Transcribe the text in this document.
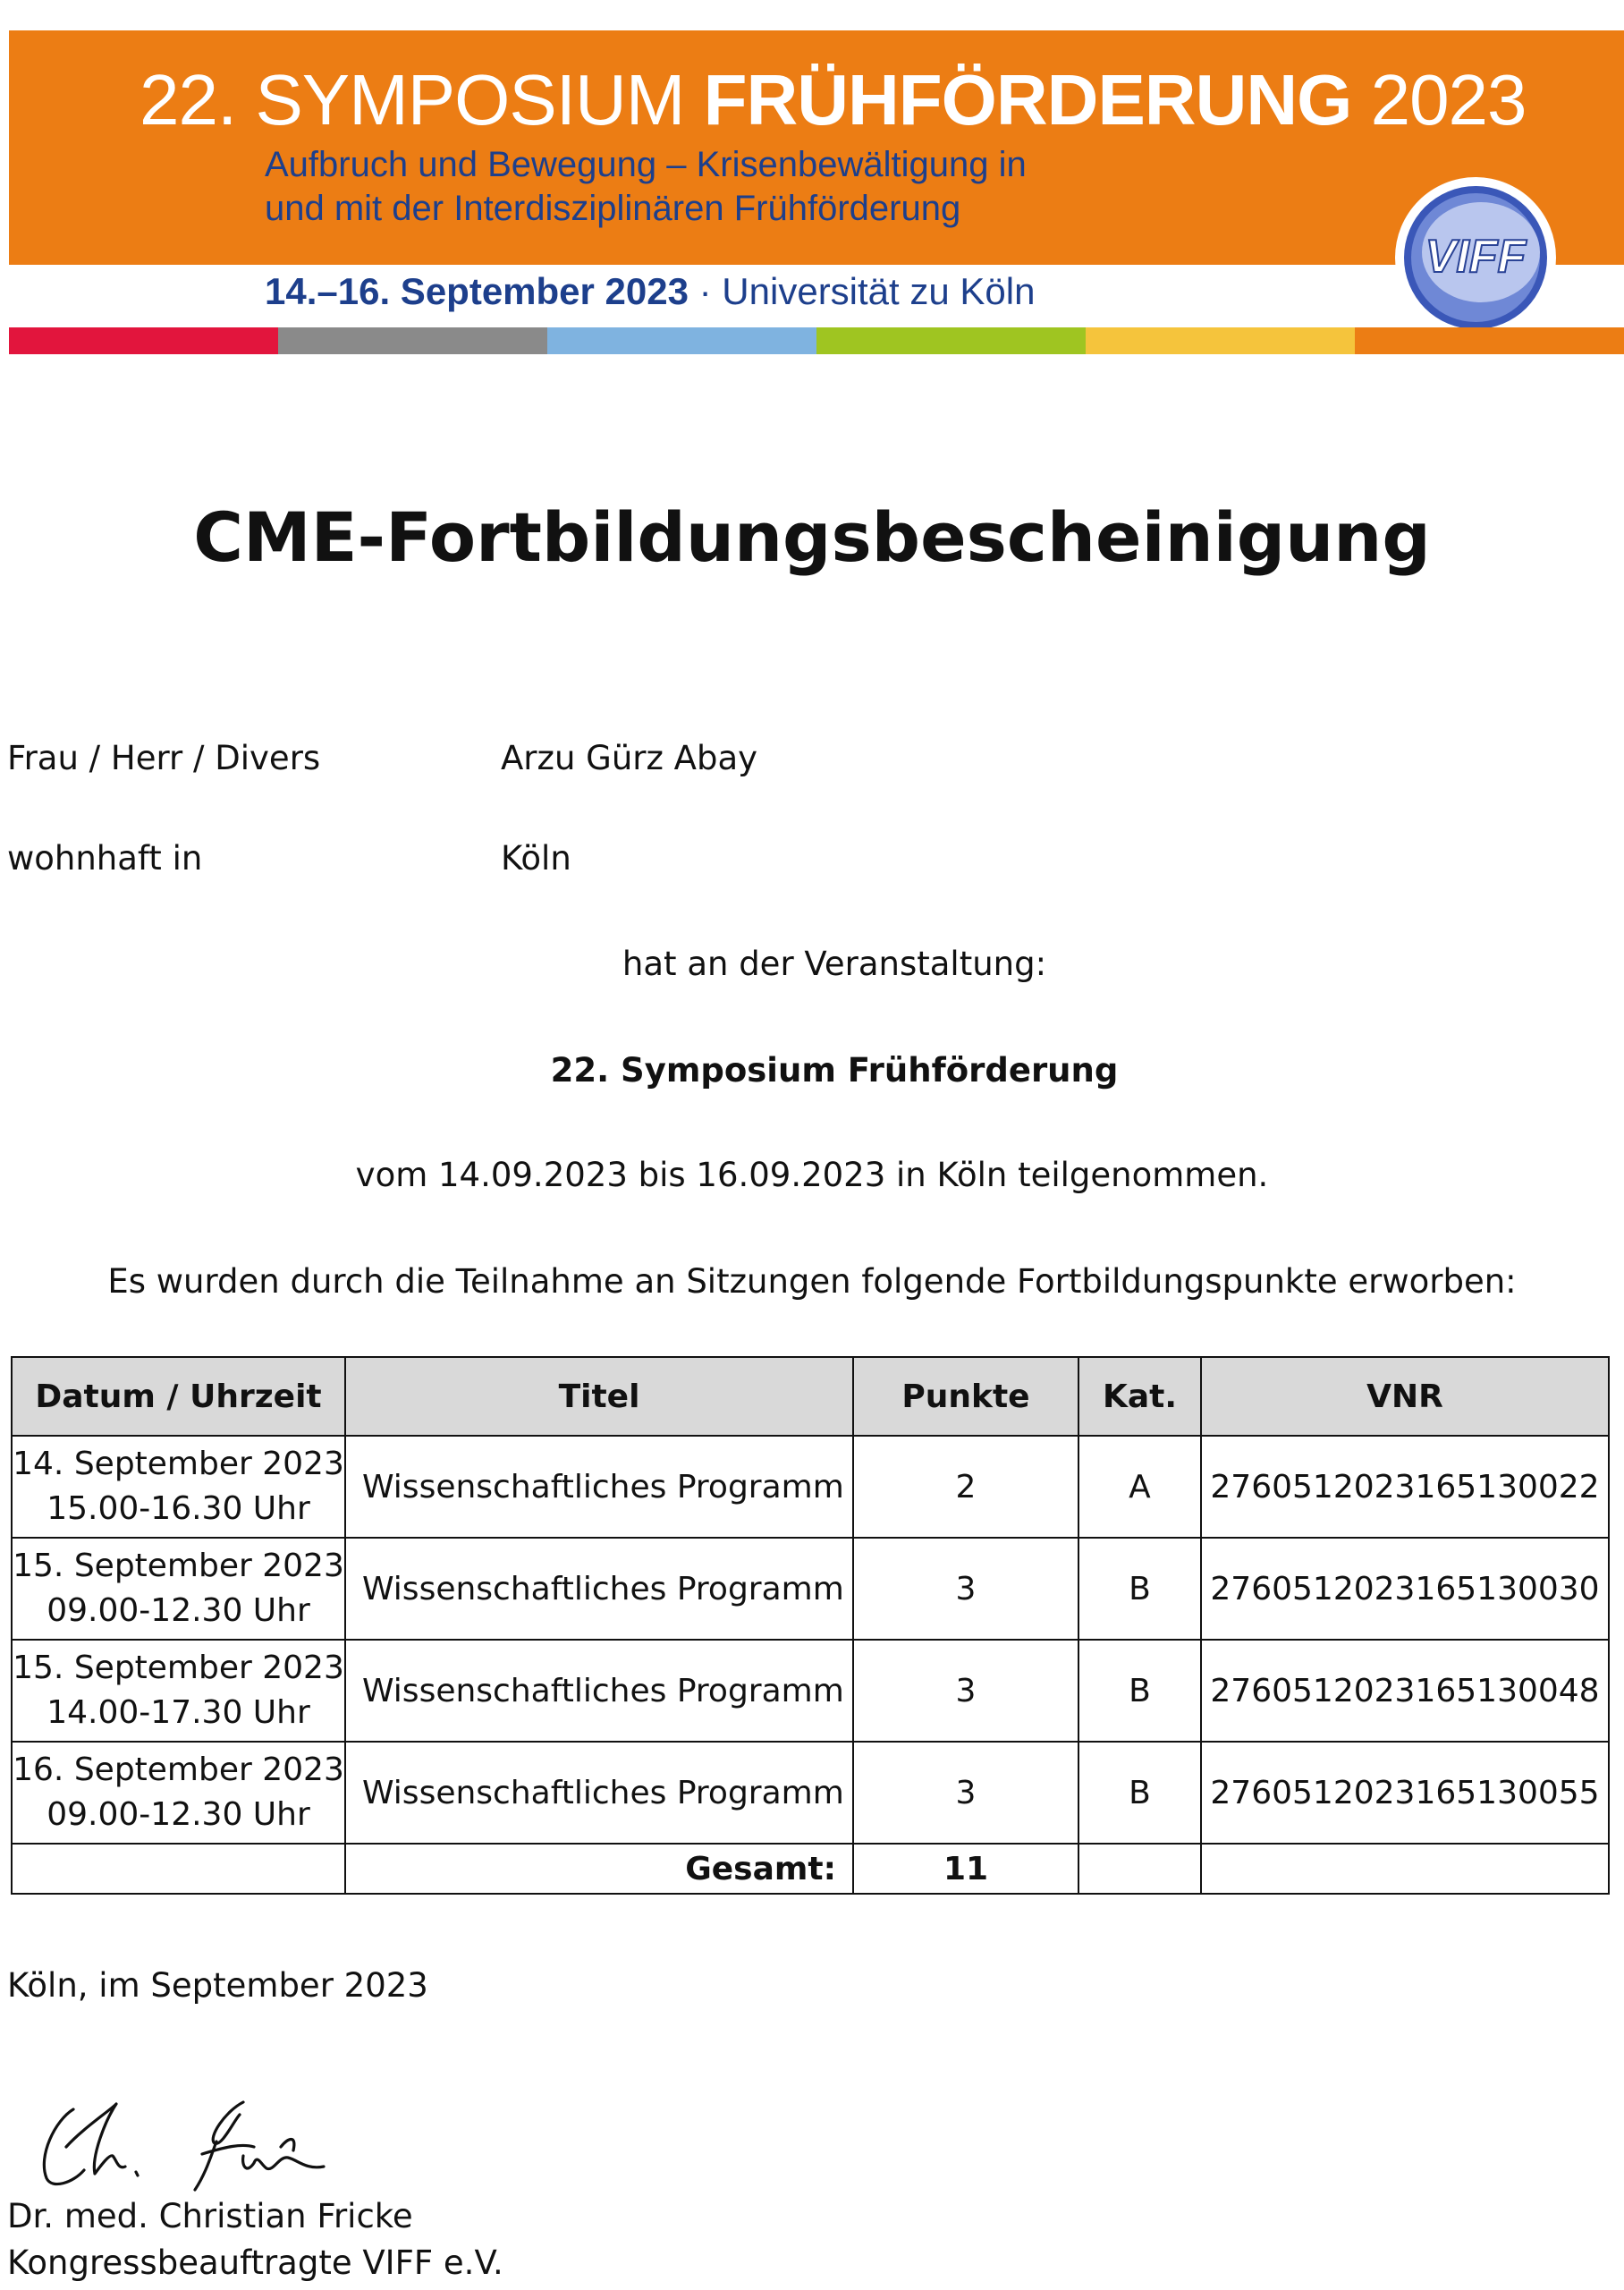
22. SYMPOSIUM FRÜHFÖRDERUNG 2023
Aufbruch und Bewegung – Krisenbewältigung in
und mit der Interdisziplinären Frühförderung
14.–16. September 2023 · Universität zu Köln
VIFF
CME-Fortbildungsbescheinigung
Frau / Herr / Divers	Arzu Gürz Abay
wohnhaft in	Köln
hat an der Veranstaltung:
22. Symposium Frühförderung
vom 14.09.2023 bis 16.09.2023 in Köln teilgenommen.
Es wurden durch die Teilnahme an Sitzungen folgende Fortbildungspunkte erworben:
Datum / Uhrzeit	Titel	Punkte	Kat.	VNR

14. September 2023
15.00-16.30 Uhr	Wissenschaftliches Programm	2	A	2760512023165130022

15. September 2023
09.00-12.30 Uhr	Wissenschaftliches Programm	3	B	2760512023165130030

15. September 2023
14.00-17.30 Uhr	Wissenschaftliches Programm	3	B	2760512023165130048

16. September 2023
09.00-12.30 Uhr	Wissenschaftliches Programm	3	B	2760512023165130055
	Gesamt:	11		
Köln, im September 2023
Dr. med. Christian Fricke
Kongressbeauftragte VIFF e.V.
